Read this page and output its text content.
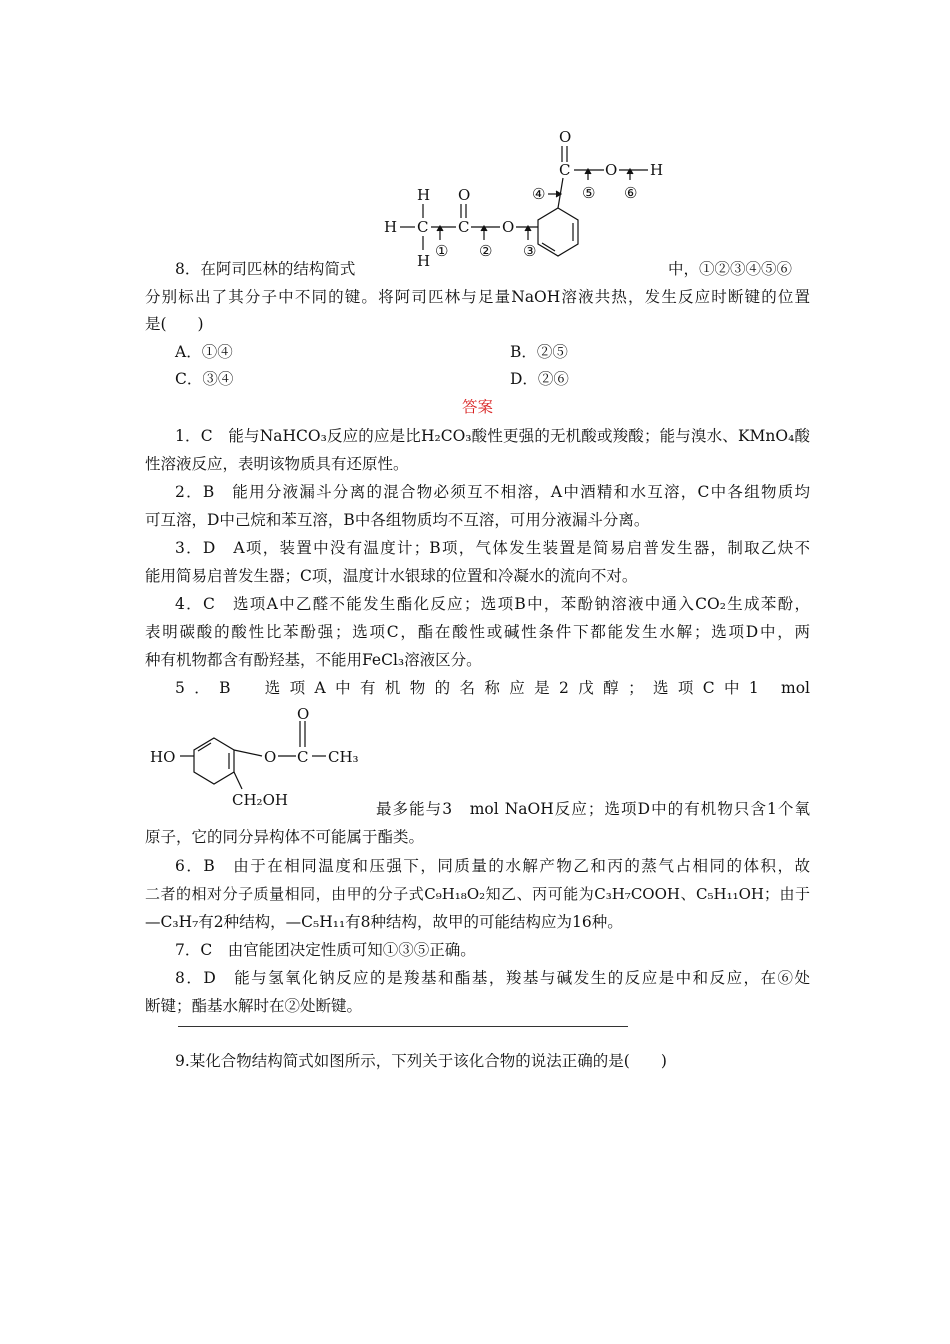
H
H
H
C
O
C O
O
C O H
① ② ③
④ ⑤ ⑥
8．在阿司匹林的结构简式	中，①②③④⑤⑥
分别标出了其分子中不同的键。将阿司匹林与足量NaOH溶液共热，发生反应时断键的位置
是(　　)
A．①④	B．②⑤
C．③④	D．②⑥
答案
1．C　能与NaHCO₃反应的应是比H₂CO₃酸性更强的无机酸或羧酸；能与溴水、KMnO₄酸
性溶液反应，表明该物质具有还原性。
2．B　能用分液漏斗分离的混合物必须互不相溶，A中酒精和水互溶，C中各组物质均
可互溶，D中己烷和苯互溶，B中各组物质均不互溶，可用分液漏斗分离。
3．D　A项，装置中没有温度计；B项，气体发生装置是简易启普发生器，制取乙炔不
能用简易启普发生器；C项，温度计水银球的位置和冷凝水的流向不对。
4．C　选项A中乙醛不能发生酯化反应；选项B中，苯酚钠溶液中通入CO₂生成苯酚，
表明碳酸的酸性比苯酚强；选项C，酯在酸性或碱性条件下都能发生水解；选项D中，两
种有机物都含有酚羟基，不能用FeCl₃溶液区分。
5．B　选项A中有机物的名称应是2戊醇；选项C中1 mol
HO	O C
O
CH₃
CH₂OH	最多能与3　mol NaOH反应；选项D中的有机物只含1个氧
原子，它的同分异构体不可能属于酯类。
6．B　由于在相同温度和压强下，同质量的水解产物乙和丙的蒸气占相同的体积，故
二者的相对分子质量相同，由甲的分子式C₉H₁₈O₂知乙、丙可能为C₃H₇COOH、C₅H₁₁OH；由于
—C₃H₇有2种结构，—C₅H₁₁有8种结构，故甲的可能结构应为16种。
7．C　由官能团决定性质可知①③⑤正确。
8．D　能与氢氧化钠反应的是羧基和酯基，羧基与碱发生的反应是中和反应，在⑥处
断键；酯基水解时在②处断键。
9.某化合物结构简式如图所示，下列关于该化合物的说法正确的是(　　)
